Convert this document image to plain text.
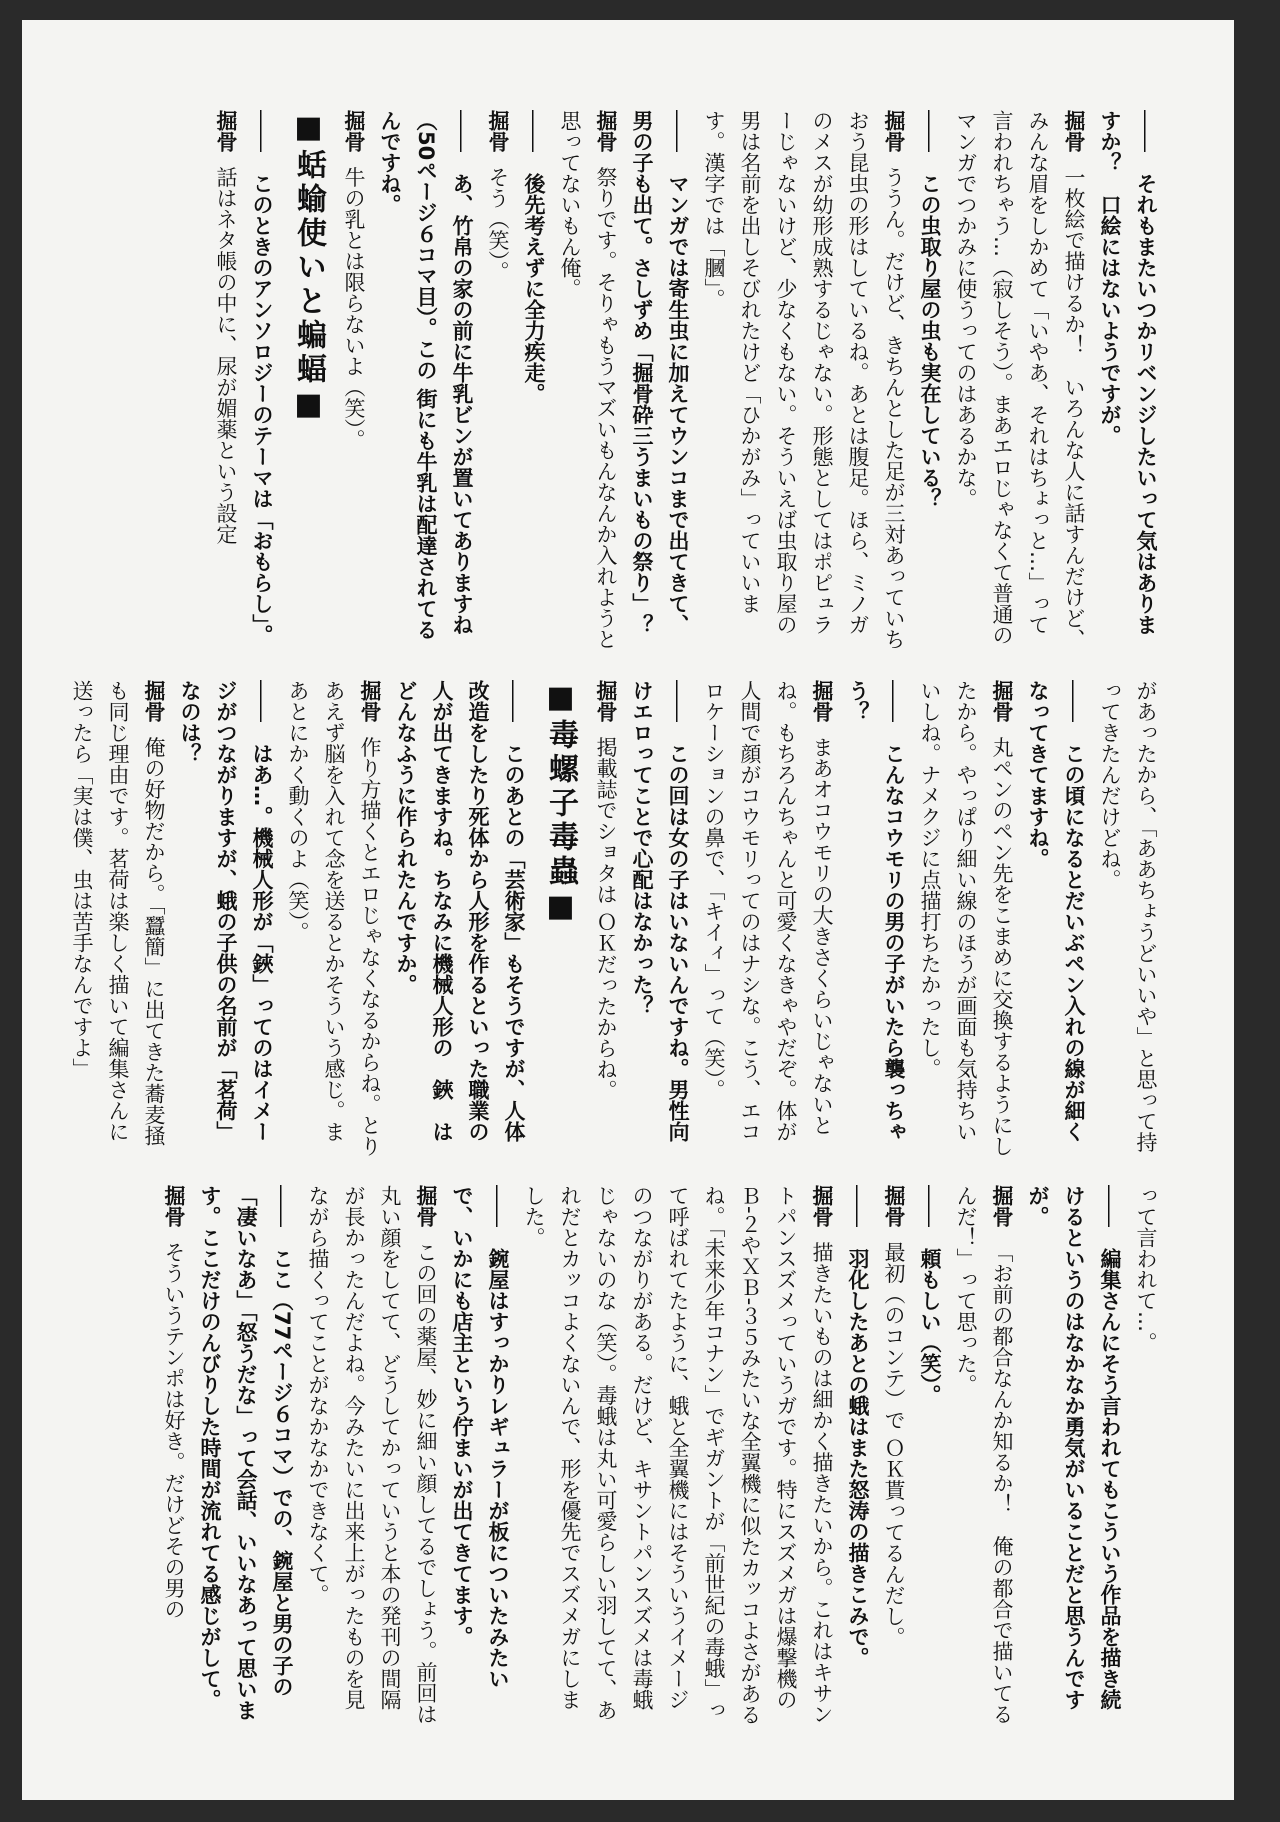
――それもまたいつかリベンジしたいって気はありますか？　口絵にはないようですが。

掘骨一枚絵で描けるか！　いろんな人に話すんだけど、みんな眉をしかめて「いやあ、それはちょっと…」って言われちゃう…（寂しそう）。まあエロじゃなくて普通のマンガでつかみに使うってのはあるかな。

――この虫取り屋の虫も実在している？

掘骨ううん。だけど、きちんとした足が三対あっていちおう昆虫の形はしているね。あとは腹足。ほら、ミノガのメスが幼形成熟するじゃない。形態としてはポピュラーじゃないけど、少なくもない。そういえば虫取り屋の男は名前を出しそびれたけど「ひかがみ」っていいます。漢字では「膕」。

――マンガでは寄生虫に加えてウンコまで出てきて、男の子も出て。さしずめ「掘骨砕三うまいもの祭り」？

掘骨祭りです。そりゃもうマズいもんなんか入れようと思ってないもん俺。

――後先考えずに全力疾走。

掘骨そう（笑）。

――あ、竹帛の家の前に牛乳ビンが置いてありますね（50ページ６コマ目）。この 街にも牛乳は配達されてるんですね。

掘骨牛の乳とは限らないよ（笑）。

■蛞蝓使いと蝙蝠■

――このときのアンソロジーのテーマは「おもらし」。

掘骨話はネタ帳の中に、尿が媚薬という設定

があったから、「ああちょうどいいや」と思って持ってきたんだけどね。

――この頃になるとだいぶペン入れの線が細くなってきてますね。

掘骨丸ペンのペン先をこまめに交換するようにしたから。やっぱり細い線のほうが画面も気持ちいいしね。ナメクジに点描打ちたかったし。

――こんなコウモリの男の子がいたら襲っちゃう？

掘骨まあオコウモリの大きさくらいじゃないとね。もちろんちゃんと可愛くなきゃやだぞ。体が人間で顔がコウモリってのはナシな。こう、エコロケーションの鼻で、「キイィ」って（笑）。

――この回は女の子はいないんですね。男性向けエロってことで心配はなかった？

掘骨掲載誌でショタは ＯＫだったからね。

■毒螺子毒蟲■

――このあとの「芸術家」もそうですが、人体改造をしたり死体から人形を作るといった職業の人が出てきますね。ちなみに機械人形の　鋏　はどんなふうに作られたんですか。

掘骨作り方描くとエロじゃなくなるからね。とりあえず脳を入れて念を送るとかそういう感じ。まあとにかく動くのよ（笑）。

――はあ…。機械人形が「鋏」ってのはイメージがつながりますが、蛾の子供の名前が「茗荷」なのは？

掘骨俺の好物だから。「蠶簡」に出てきた蕎麦掻も同じ理由です。茗荷は楽しく描いて編集さんに送ったら「実は僕、虫は苦手なんですよ」

って言われて…。

――編集さんにそう言われてもこういう作品を描き続けるというのはなかなか勇気がいることだと思うんですが。

掘骨「お前の都合なんか知るか！　俺の都合で描いてるんだ！」って思った。

――頼もしい（笑）。

掘骨最初（のコンテ）で ＯＫ貰ってるんだし。

――羽化したあとの蛾はまた怒涛の描きこみで。

掘骨描きたいものは細かく描きたいから。これはキサントパンスズメっていうガです。特にスズメガは爆撃機のＢ-２やＸＢ-３５みたいな全翼機に似たカッコよさがあるね。「未来少年コナン」でギガントが「前世紀の毒蛾」って呼ばれてたように、蛾と全翼機にはそういうイメージのつながりがある。だけど、キサントパンスズメは毒蛾じゃないのな（笑）。毒蛾は丸い可愛らしい羽してて、あれだとカッコよくないんで、形を優先でスズメガにしました。

――鋺屋はすっかりレギュラーが板についたみたいで、いかにも店主という佇まいが出てきてます。

掘骨この回の薬屋、妙に細い顔してるでしょう。前回は丸い顔をしてて、どうしてかっていうと本の発刊の間隔が長かったんだよね。今みたいに出来上がったものを見ながら描くってことがなかなかできなくて。

――ここ（77ページ６コマ）での、鋺屋と男の子の「凄いなあ」「怒うだな」って会話、いいなあって思います。ここだけのんびりした時間が流れてる感じがして。

掘骨そういうテンポは好き。だけどその男の
